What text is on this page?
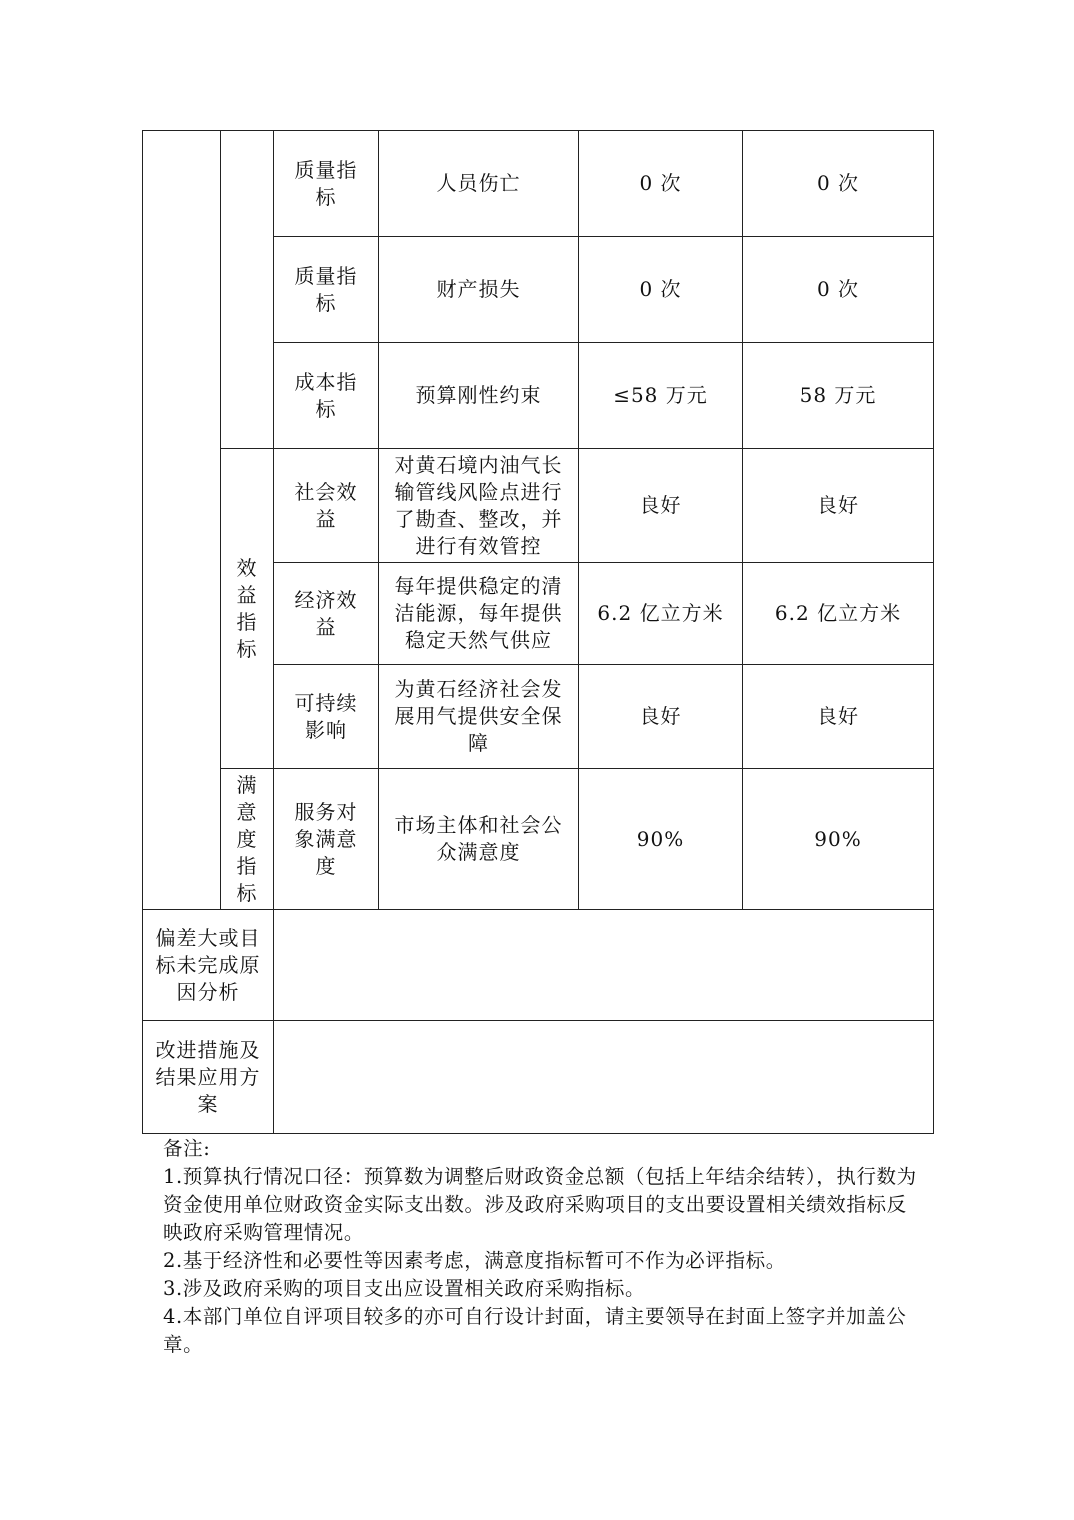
		质量指标	人员伤亡	0 次	0 次
		质量指标	财产损失	0 次	0 次
		成本指标	预算刚性约束	≤58 万元	58 万元
	效益指标	社会效益	对黄石境内油气长输管线风险点进行了勘查、整改，并进行有效管控	良好	良好
		经济效益	每年提供稳定的清洁能源，每年提供稳定天然气供应	6.2 亿立方米	6.2 亿立方米
		可持续影响	为黄石经济社会发展用气提供安全保障	良好	良好
	满意度指标	服务对象满意度	市场主体和社会公众满意度	90%	90%
偏差大或目标未完成原因分析					
改进措施及结果应用方案					

备注:

1.预算执行情况口径：预算数为调整后财政资金总额（包括上年结余结转），执行数为资金使用单位财政资金实际支出数。涉及政府采购项目的支出要设置相关绩效指标反映政府采购管理情况。

2.基于经济性和必要性等因素考虑，满意度指标暂可不作为必评指标。

3.涉及政府采购的项目支出应设置相关政府采购指标。

4.本部门单位自评项目较多的亦可自行设计封面，请主要领导在封面上签字并加盖公章。
